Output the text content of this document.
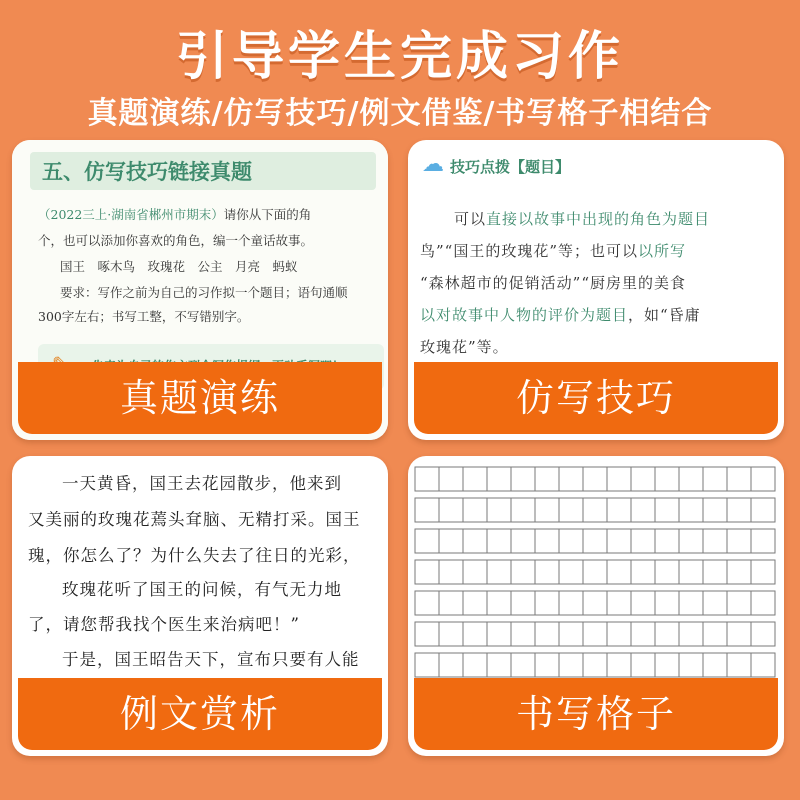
引导学生完成习作
真题演练/仿写技巧/例文借鉴/书写格子相结合
五、仿写技巧链接真题
（2022三上·湖南省郴州市期末）请你从下面的角
个，也可以添加你喜欢的角色，编一个童话故事。
国王　啄木鸟　玫瑰花　公主　月亮　蚂蚁
要求：写作之前为自己的习作拟一个题目；语句通顺
300字左右；书写工整，不写错别字。
真题演练
☁ 技巧点拨【题目】
可以直接以故事中出现的角色为题目
鸟”“国王的玫瑰花”等；也可以以所写
“森林超市的促销活动”“厨房里的美食
以对故事中人物的评价为题目，如“昏庸
玫瑰花”等。
仿写技巧
一天黄昏，国王去花园散步，他来到
又美丽的玫瑰花蔫头耷脑、无精打采。国王
瑰，你怎么了？为什么失去了往日的光彩，
玫瑰花听了国王的问候，有气无力地
了，请您帮我找个医生来治病吧！”
于是，国王昭告天下，宣布只要有人能
例文赏析	书写格子
